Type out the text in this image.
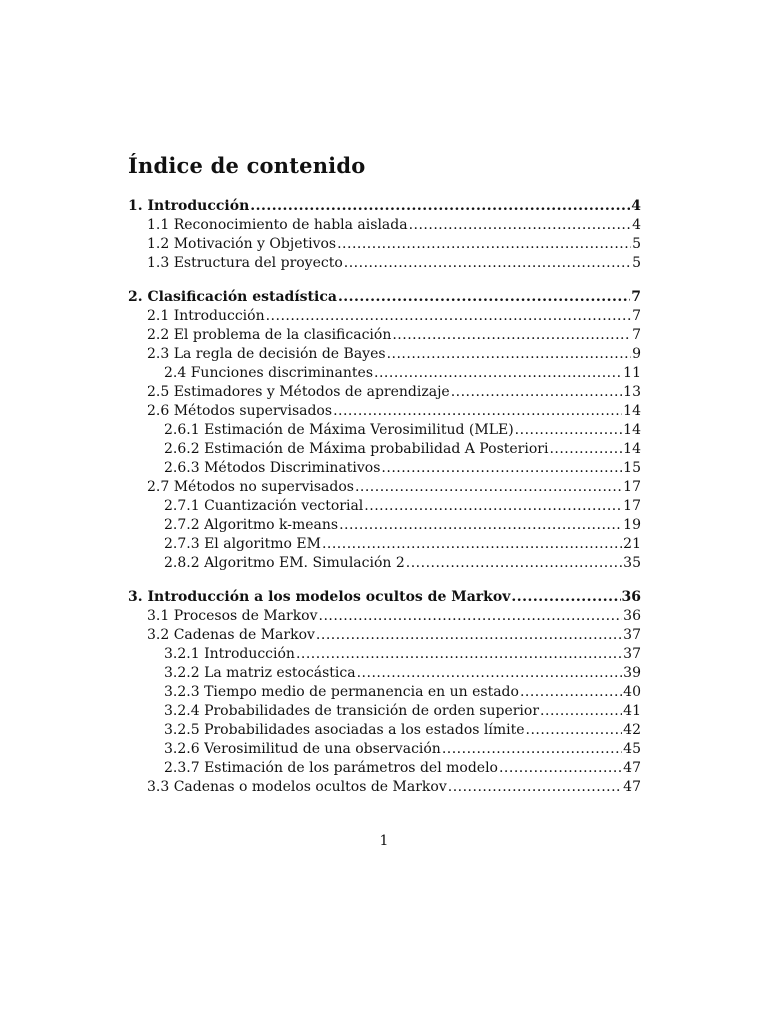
Índice de contenido
1. Introducción .....	4
1.1 Reconocimiento de habla aislada .....	4
1.2 Motivación y Objetivos .....	5
1.3 Estructura del proyecto .....	5
2. Clasificación estadística .....	7
2.1 Introducción .....	7
2.2 El problema de la clasificación .....	7
2.3 La regla de decisión de Bayes .....	9
2.4 Funciones discriminantes .....	11
2.5 Estimadores y Métodos de aprendizaje .....	13
2.6 Métodos supervisados .....	14
2.6.1 Estimación de Máxima Verosimilitud (MLE) .....	14
2.6.2 Estimación de Máxima probabilidad A Posteriori .....	14
2.6.3 Métodos Discriminativos .....	15
2.7 Métodos no supervisados .....	17
2.7.1 Cuantización vectorial .....	17
2.7.2 Algoritmo k-means .....	19
2.7.3 El algoritmo EM .....	21
2.8.2 Algoritmo EM. Simulación 2 .....	35
3. Introducción a los modelos ocultos de Markov .....	36
3.1 Procesos de Markov .....	36
3.2 Cadenas de Markov .....	37
3.2.1 Introducción .....	37
3.2.2 La matriz estocástica .....	39
3.2.3 Tiempo medio de permanencia en un estado .....	40
3.2.4 Probabilidades de transición de orden superior .....	41
3.2.5 Probabilidades asociadas a los estados límite .....	42
3.2.6 Verosimilitud de una observación .....	45
2.3.7 Estimación de los parámetros del modelo .....	47
3.3 Cadenas o modelos ocultos de Markov .....	47
1
